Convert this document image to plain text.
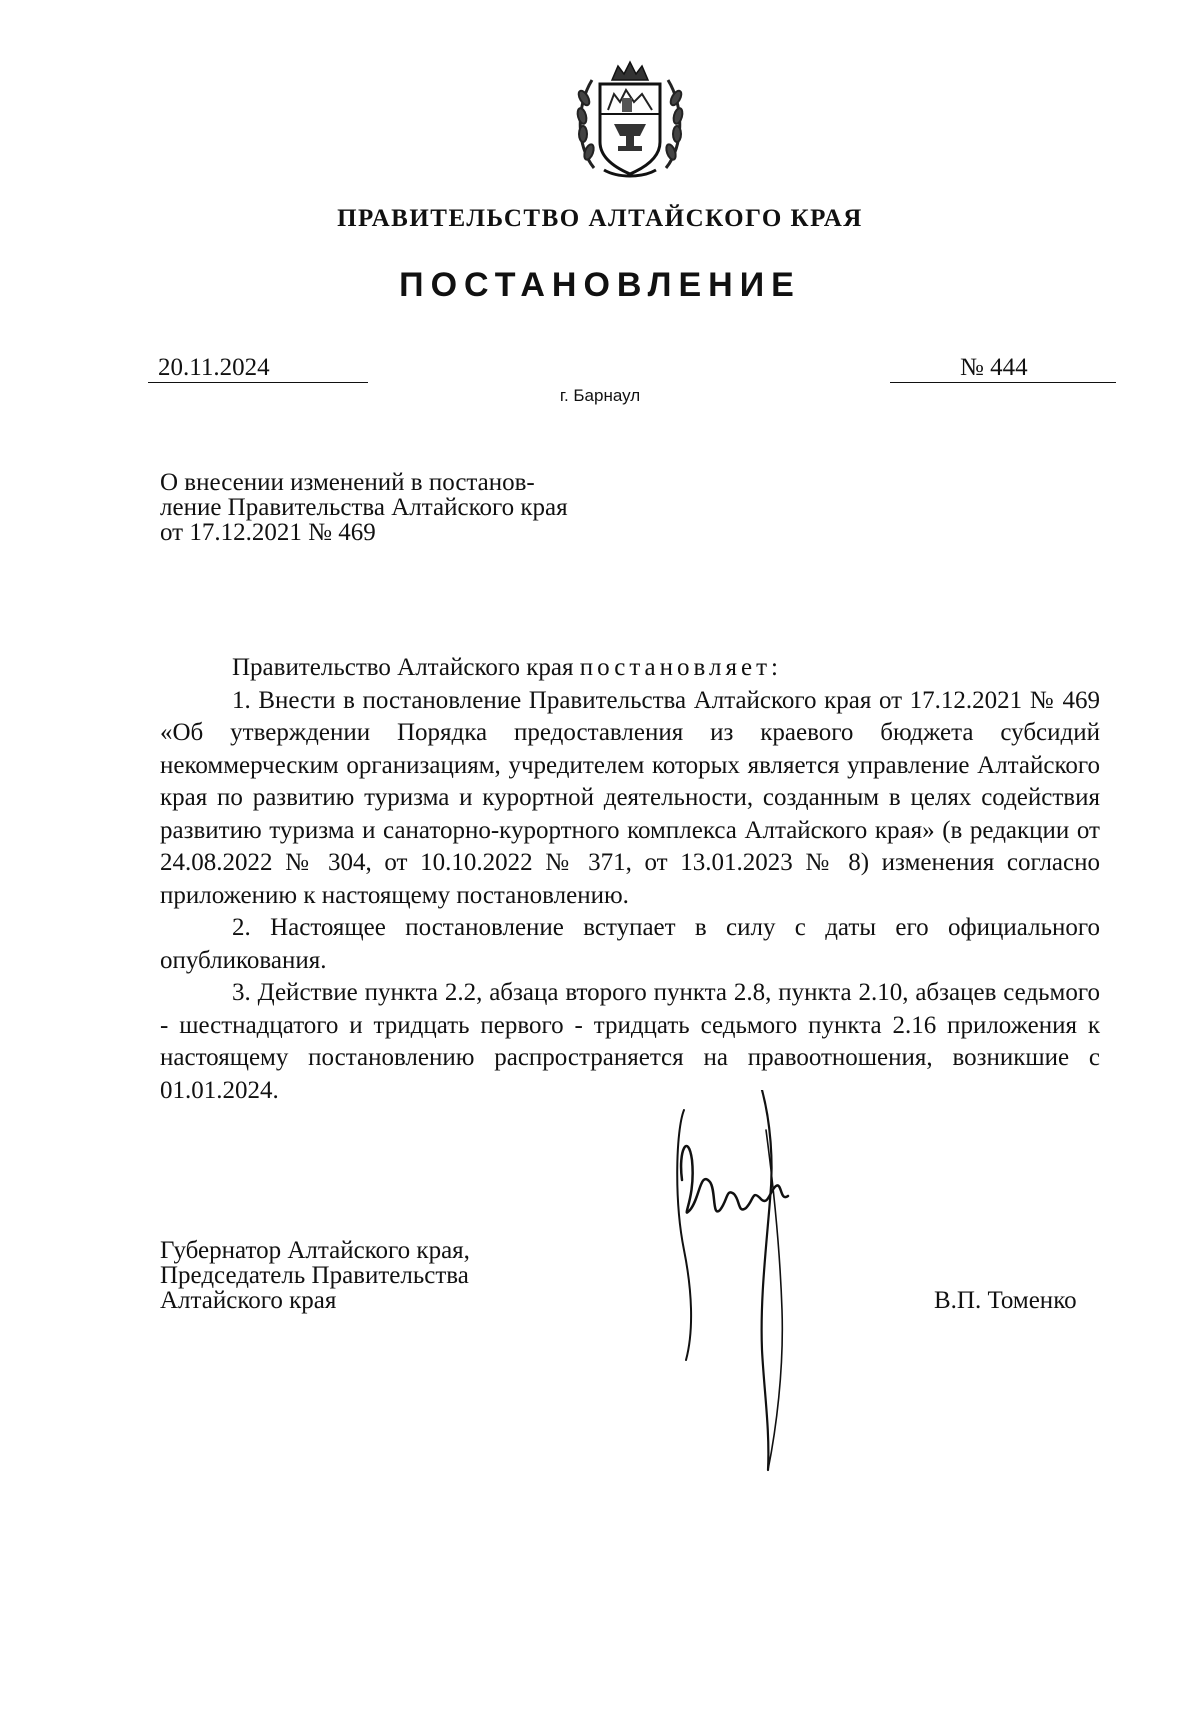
ПРАВИТЕЛЬСТВО АЛТАЙСКОГО КРАЯ
ПОСТАНОВЛЕНИЕ
20.11.2024	№ 444
г. Барнаул
О внесении изменений в постанов-
ление Правительства Алтайского края
от 17.12.2021 № 469

Правительство Алтайского края постановляет:

1. Внести в постановление Правительства Алтайского края от 17.12.2021 № 469 «Об утверждении Порядка предоставления из краевого бюджета субсидий некоммерческим организациям, учредителем которых является управление Алтайского края по развитию туризма и курортной деятельности, созданным в целях содействия развитию туризма и санаторно-курортного комплекса Алтайского края» (в редакции от 24.08.2022 № 304, от 10.10.2022 № 371, от 13.01.2023 № 8) изменения согласно приложению к настоящему постановлению.

2. Настоящее постановление вступает в силу с даты его официального опубликования.

3. Действие пункта 2.2, абзаца второго пункта 2.8, пункта 2.10, абзацев седьмого - шестнадцатого и тридцать первого - тридцать седьмого пункта 2.16 приложения к настоящему постановлению распространяется на правоотношения, возникшие с 01.01.2024.

Губернатор Алтайского края,
Председатель Правительства
Алтайского края	В.П. Томенко
